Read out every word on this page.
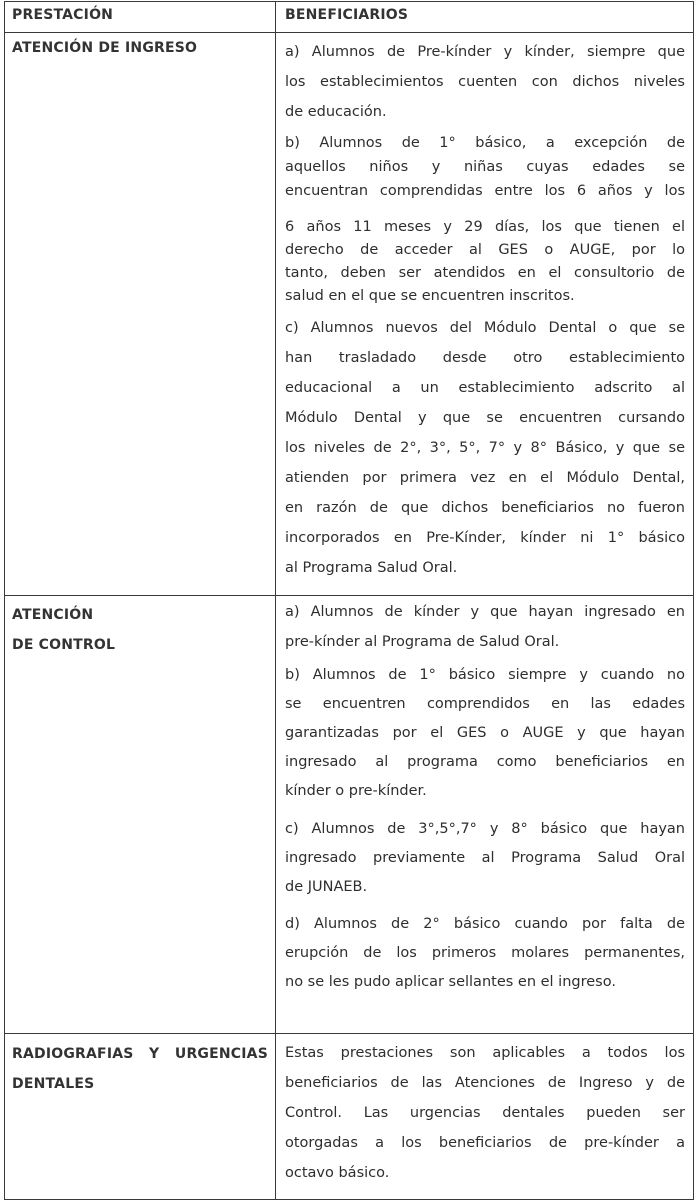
PRESTACIÓN	BENEFICIARIOS
ATENCIÓN DE INGRESO	a) Alumnos de Pre-kínder y kínder, siempre que

los establecimientos cuenten con dichos niveles

de educación.

b) Alumnos de 1° básico, a excepción de

aquellos niños y niñas cuyas edades se

encuentran comprendidas entre los 6 años y los

6 años 11 meses y 29 días, los que tienen el

derecho de acceder al GES o AUGE, por lo

tanto, deben ser atendidos en el consultorio de

salud en el que se encuentren inscritos.

c) Alumnos nuevos del Módulo Dental o que se

han trasladado desde otro establecimiento

educacional a un establecimiento adscrito al

Módulo Dental y que se encuentren cursando

los niveles de 2°, 3°, 5°, 7° y 8° Básico, y que se

atienden por primera vez en el Módulo Dental,

en razón de que dichos beneficiarios no fueron

incorporados en Pre-Kínder, kínder ni 1° básico

al Programa Salud Oral.

ATENCIÓN
DE CONTROL

a) Alumnos de kínder y que hayan ingresado en

pre-kínder al Programa de Salud Oral.

b) Alumnos de 1° básico siempre y cuando no

se encuentren comprendidos en las edades

garantizadas por el GES o AUGE y que hayan

ingresado al programa como beneficiarios en

kínder o pre-kínder.

c) Alumnos de 3°,5°,7° y 8° básico que hayan

ingresado previamente al Programa Salud Oral

de JUNAEB.

d) Alumnos de 2° básico cuando por falta de

erupción de los primeros molares permanentes,

no se les pudo aplicar sellantes en el ingreso.

RADIOGRAFIAS Y URGENCIAS
DENTALES

Estas prestaciones son aplicables a todos los

beneficiarios de las Atenciones de Ingreso y de

Control. Las urgencias dentales pueden ser

otorgadas a los beneficiarios de pre-kínder a

octavo básico.
